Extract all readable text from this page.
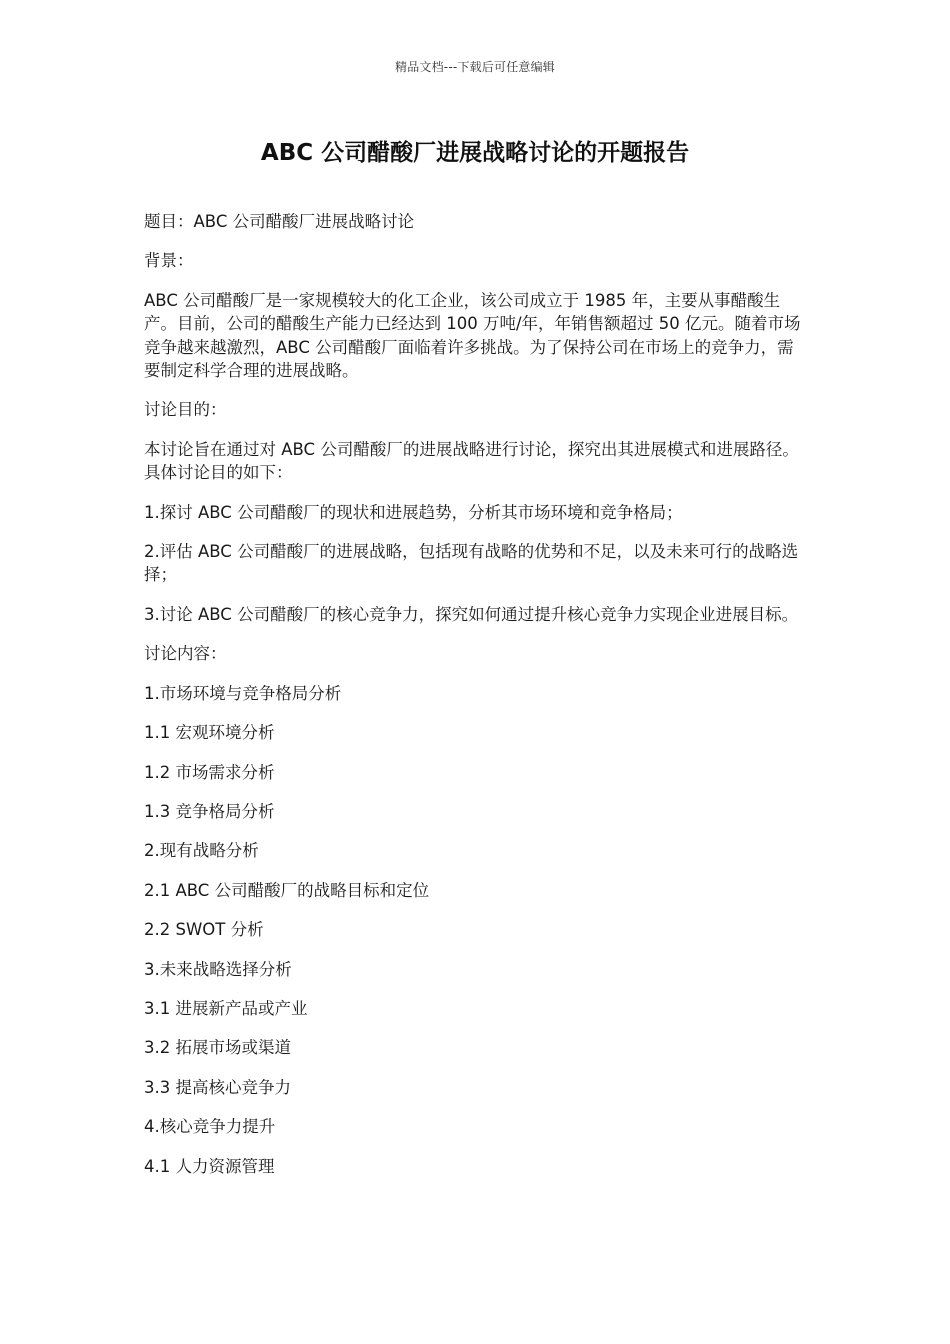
精品文档---下载后可任意编辑
ABC 公司醋酸厂进展战略讨论的开题报告

题目：ABC 公司醋酸厂进展战略讨论

背景：

ABC 公司醋酸厂是一家规模较大的化工企业，该公司成立于 1985 年，主要从事醋酸生产。目前，公司的醋酸生产能力已经达到 100 万吨/年，年销售额超过 50 亿元。随着市场竞争越来越激烈，ABC 公司醋酸厂面临着许多挑战。为了保持公司在市场上的竞争力，需要制定科学合理的进展战略。

讨论目的：

本讨论旨在通过对 ABC 公司醋酸厂的进展战略进行讨论，探究出其进展模式和进展路径。具体讨论目的如下：

1.探讨 ABC 公司醋酸厂的现状和进展趋势，分析其市场环境和竞争格局；

2.评估 ABC 公司醋酸厂的进展战略，包括现有战略的优势和不足，以及未来可行的战略选择；

3.讨论 ABC 公司醋酸厂的核心竞争力，探究如何通过提升核心竞争力实现企业进展目标。

讨论内容：

1.市场环境与竞争格局分析

1.1 宏观环境分析

1.2 市场需求分析

1.3 竞争格局分析

2.现有战略分析

2.1 ABC 公司醋酸厂的战略目标和定位

2.2 SWOT 分析

3.未来战略选择分析

3.1 进展新产品或产业

3.2 拓展市场或渠道

3.3 提高核心竞争力

4.核心竞争力提升

4.1 人力资源管理
